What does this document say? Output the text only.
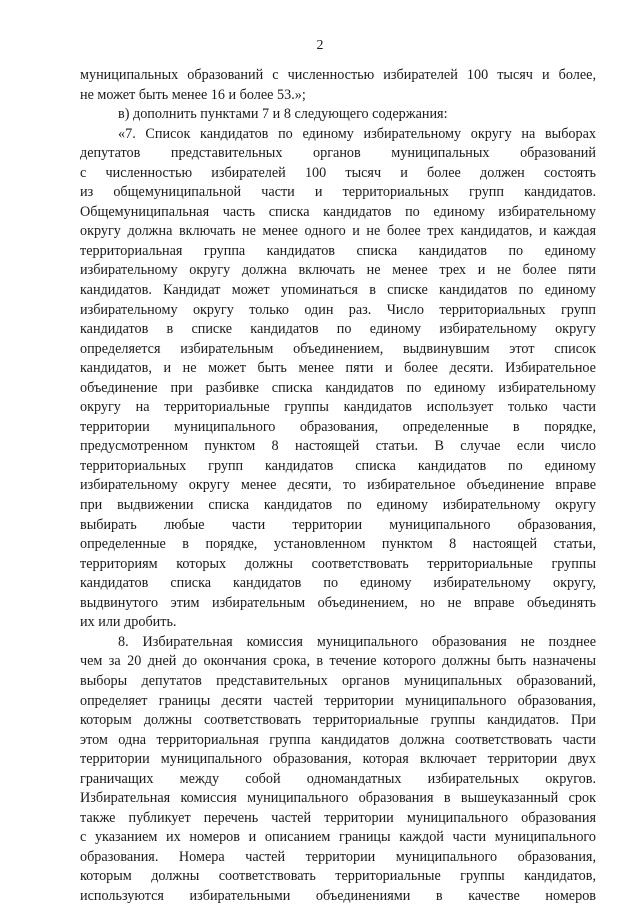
2
муниципальных образований с численностью избирателей 100 тысяч и более,
не может быть менее 16 и более 53.»;
в) дополнить пунктами 7 и 8 следующего содержания:
«7. Список кандидатов по единому избирательному округу на выборах
депутатов представительных органов муниципальных образований
с численностью избирателей 100 тысяч и более должен состоять
из общемуниципальной части и территориальных групп кандидатов.
Общемуниципальная часть списка кандидатов по единому избирательному
округу должна включать не менее одного и не более трех кандидатов, и каждая
территориальная группа кандидатов списка кандидатов по единому
избирательному округу должна включать не менее трех и не более пяти
кандидатов. Кандидат может упоминаться в списке кандидатов по единому
избирательному округу только один раз. Число территориальных групп
кандидатов в списке кандидатов по единому избирательному округу
определяется избирательным объединением, выдвинувшим этот список
кандидатов, и не может быть менее пяти и более десяти. Избирательное
объединение при разбивке списка кандидатов по единому избирательному
округу на территориальные группы кандидатов использует только части
территории муниципального образования, определенные в порядке,
предусмотренном пунктом 8 настоящей статьи. В случае если число
территориальных групп кандидатов списка кандидатов по единому
избирательному округу менее десяти, то избирательное объединение вправе
при выдвижении списка кандидатов по единому избирательному округу
выбирать любые части территории муниципального образования,
определенные в порядке, установленном пунктом 8 настоящей статьи,
территориям которых должны соответствовать территориальные группы
кандидатов списка кандидатов по единому избирательному округу,
выдвинутого этим избирательным объединением, но не вправе объединять
их или дробить.
8. Избирательная комиссия муниципального образования не позднее
чем за 20 дней до окончания срока, в течение которого должны быть назначены
выборы депутатов представительных органов муниципальных образований,
определяет границы десяти частей территории муниципального образования,
которым должны соответствовать территориальные группы кандидатов. При
этом одна территориальная группа кандидатов должна соответствовать части
территории муниципального образования, которая включает территории двух
граничащих между собой одномандатных избирательных округов.
Избирательная комиссия муниципального образования в вышеуказанный срок
также публикует перечень частей территории муниципального образования
с указанием их номеров и описанием границы каждой части муниципального
образования. Номера частей территории муниципального образования,
которым должны соответствовать территориальные группы кандидатов,
используются избирательными объединениями в качестве номеров
